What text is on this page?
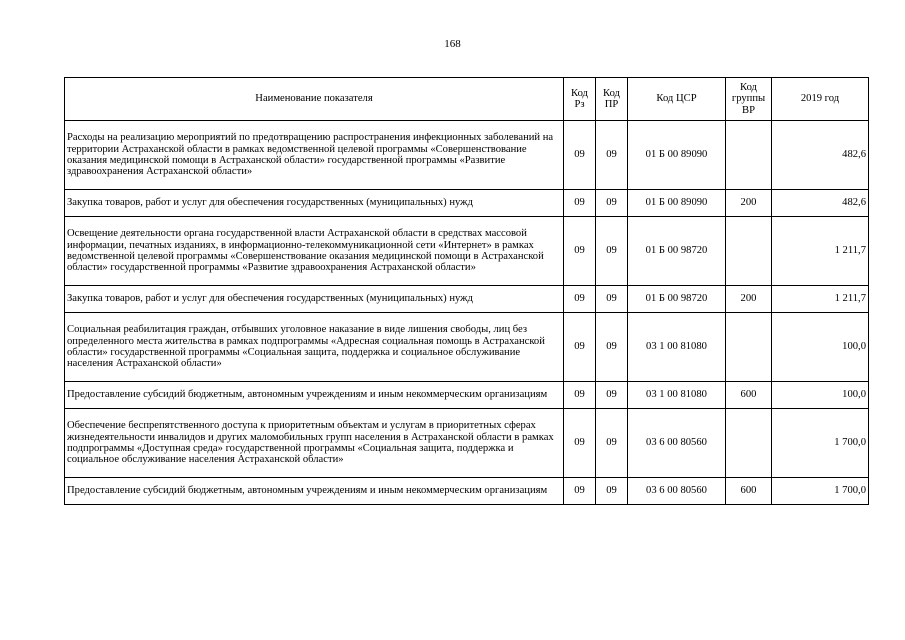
168
Наименование показателя	Код Рз	Код ПР	Код ЦСР	Код группы ВР	2019 год
Расходы на реализацию мероприятий по предотвращению распространения инфекционных заболеваний на территории Астраханской области в рамках ведомственной целевой программы «Совершенствование оказания медицинской помощи в Астраханской области» государственной программы «Развитие здравоохранения Астраханской области»	09	09	01 Б 00 89090		482,6
Закупка товаров, работ и услуг для обеспечения государственных (муниципальных) нужд	09	09	01 Б 00 89090	200	482,6
Освещение деятельности органа государственной власти Астраханской области в средствах массовой информации, печатных изданиях, в информационно-телекоммуникационной сети «Интернет» в рамках ведомственной целевой программы «Совершенствование оказания медицинской помощи в Астраханской области» государственной программы «Развитие здравоохранения Астраханской области»	09	09	01 Б 00 98720		1 211,7
Закупка товаров, работ и услуг для обеспечения государственных (муниципальных) нужд	09	09	01 Б 00 98720	200	1 211,7
Социальная реабилитация граждан, отбывших уголовное наказание в виде лишения свободы, лиц без определенного места жительства в рамках подпрограммы «Адресная социальная помощь в Астраханской области» государственной программы «Социальная защита, поддержка и социальное обслуживание населения Астраханской области»	09	09	03 1 00 81080		100,0
Предоставление субсидий бюджетным, автономным учреждениям и иным некоммерческим организациям	09	09	03 1 00 81080	600	100,0
Обеспечение беспрепятственного доступа к приоритетным объектам и услугам в приоритетных сферах жизнедеятельности инвалидов и других маломобильных групп населения в Астраханской области в рамках подпрограммы «Доступная среда» государственной программы «Социальная защита, поддержка и социальное обслуживание населения Астраханской области»	09	09	03 6 00 80560		1 700,0
Предоставление субсидий бюджетным, автономным учреждениям и иным некоммерческим организациям	09	09	03 6 00 80560	600	1 700,0
